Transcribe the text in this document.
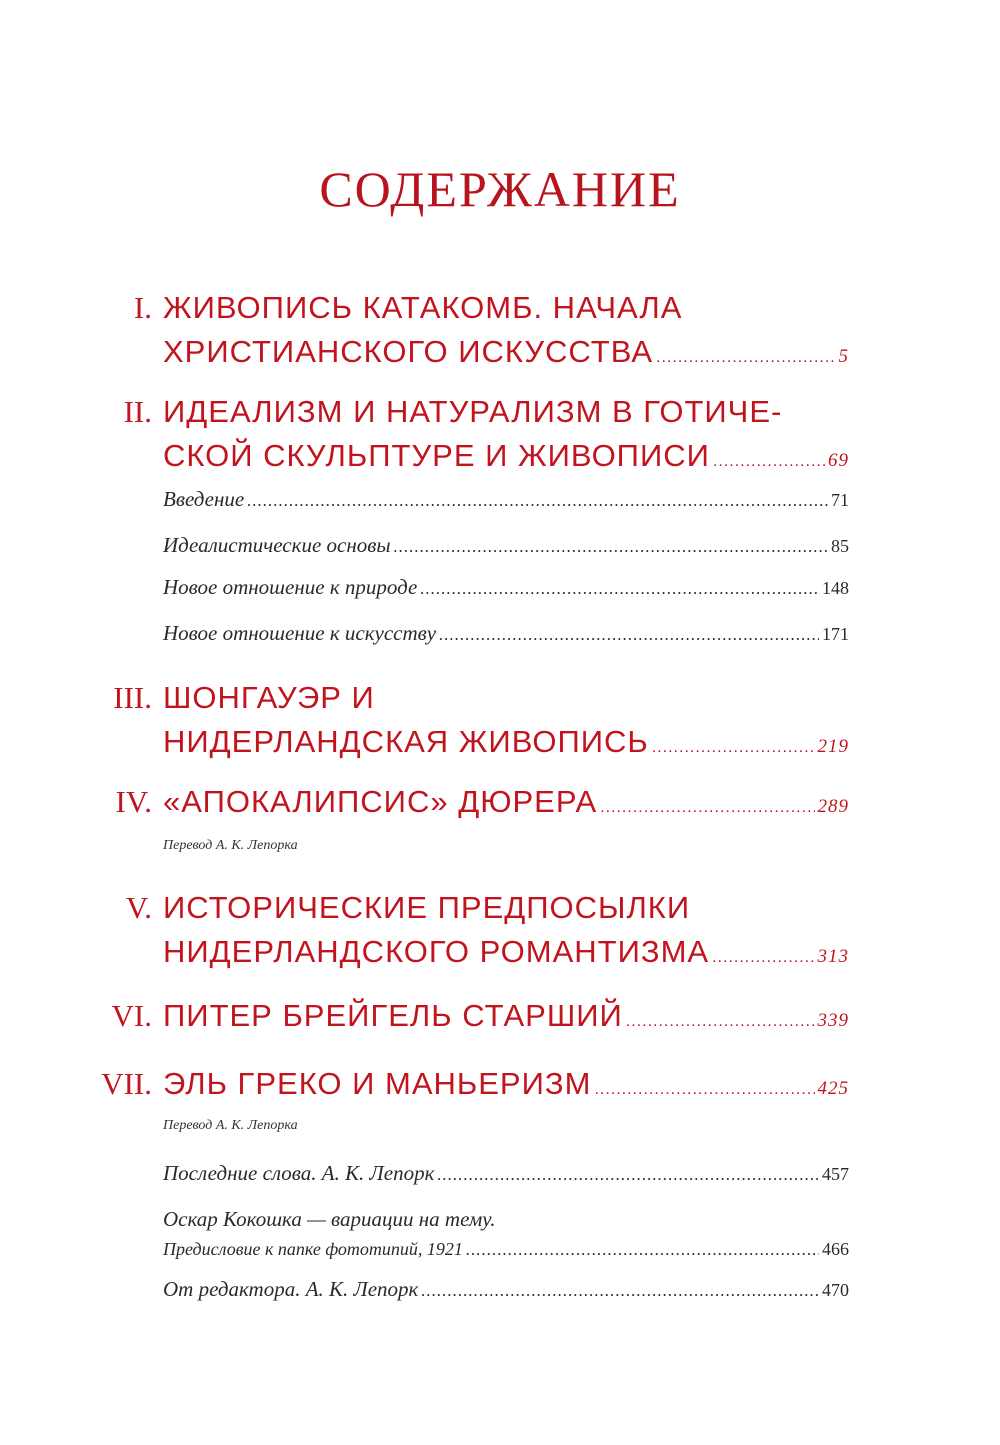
СОДЕРЖАНИЕ
I. ЖИВОПИСЬ КАТАКОМБ. НАЧАЛА
ХРИСТИАНСКОГО ИСКУССТВА .....	5
II. ИДЕАЛИЗМ И НАТУРАЛИЗМ В ГОТИЧЕ-
СКОЙ СКУЛЬПТУРЕ И ЖИВОПИСИ .....	69
Введение .....	71
Идеалистические основы .....	85
Новое отношение к природе .....	148
Новое отношение к искусству .....	171
III. ШОНГАУЭР И
НИДЕРЛАНДСКАЯ ЖИВОПИСЬ .....	219
IV. «АПОКАЛИПСИС» ДЮРЕРА .....	289
Перевод А. К. Лепорка
V. ИСТОРИЧЕСКИЕ ПРЕДПОСЫЛКИ
НИДЕРЛАНДСКОГО РОМАНТИЗМА .....	313
VI. ПИТЕР БРЕЙГЕЛЬ СТАРШИЙ .....	339
VII. ЭЛЬ ГРЕКО И МАНЬЕРИЗМ .....	425
Перевод А. К. Лепорка
Последние слова. А. К. Лепорк .....	457
Оскар Кокошка — вариации на тему.
Предисловие к папке фототипий, 1921 .....	466
От редактора. А. К. Лепорк .....	470
